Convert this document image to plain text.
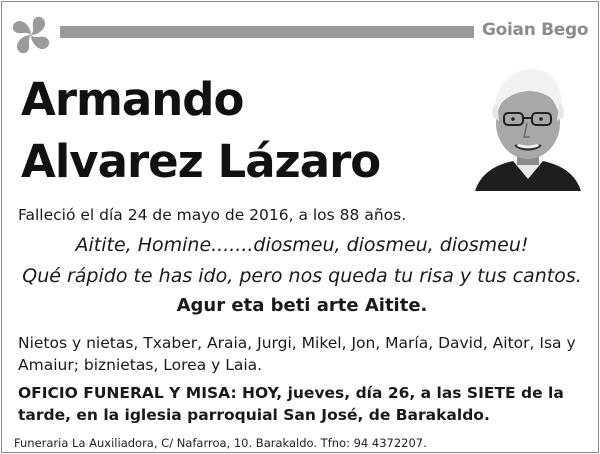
Goian Bego
Armando
Alvarez Lázaro
Falleció el día 24 de mayo de 2016, a los 88 años.
Aitite, Homine.......diosmeu, diosmeu, diosmeu!
Qué rápido te has ido, pero nos queda tu risa y tus cantos.
Agur eta beti arte Aitite.
Nietos y nietas, Txaber, Araia, Jurgi, Mikel, Jon, María, David, Aitor, Isa y Amaiur; biznietas, Lorea y Laia.
OFICIO FUNERAL Y MISA: HOY, jueves, día 26, a las SIETE de la tarde, en la iglesia parroquial San José, de Barakaldo.
Funeraria La Auxiliadora, C/ Nafarroa, 10. Barakaldo. Tfno: 94 4372207.
